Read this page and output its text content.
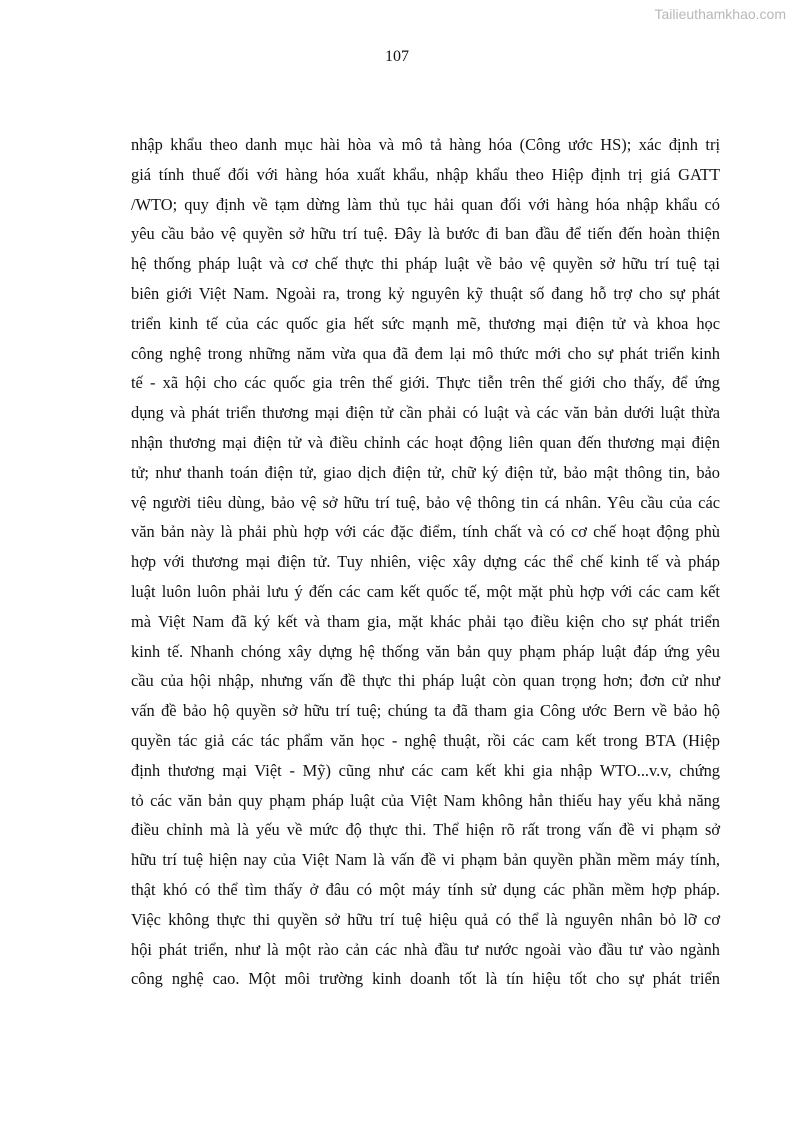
Tailieuthamkhao.com
107
nhập khẩu theo danh mục hài hòa và mô tả hàng hóa (Công ước HS); xác định trị
giá tính thuế đối với hàng hóa xuất khẩu, nhập khẩu theo Hiệp định trị giá GATT
/WTO; quy định về tạm dừng làm thủ tục hải quan đối với hàng hóa nhập khẩu có
yêu cầu bảo vệ quyền sở hữu trí tuệ. Đây là bước đi ban đầu để tiến đến hoàn thiện
hệ thống pháp luật và cơ chế thực thi pháp luật về bảo vệ quyền sở hữu trí tuệ tại
biên giới Việt Nam. Ngoài ra, trong kỷ nguyên kỹ thuật số đang hỗ trợ cho sự phát
triển kinh tế của các quốc gia hết sức mạnh mẽ, thương mại điện tử và khoa học
công nghệ trong những năm vừa qua đã đem lại mô thức mới cho sự phát triển kinh
tế - xã hội cho các quốc gia trên thế giới. Thực tiễn trên thế giới cho thấy, để ứng
dụng và phát triển thương mại điện tử cần phải có luật và các văn bản dưới luật thừa
nhận thương mại điện tử và điều chỉnh các hoạt động liên quan đến thương mại điện
tử; như thanh toán điện tử, giao dịch điện tử, chữ ký điện tử, bảo mật thông tin, bảo
vệ người tiêu dùng, bảo vệ sở hữu trí tuệ, bảo vệ thông tin cá nhân. Yêu cầu của các
văn bản này là phải phù hợp với các đặc điểm, tính chất và có cơ chế hoạt động phù
hợp với thương mại điện tử. Tuy nhiên, việc xây dựng các thể chế kinh tế và pháp
luật luôn luôn phải lưu ý đến các cam kết quốc tế, một mặt phù hợp với các cam kết
mà Việt Nam đã ký kết và tham gia, mặt khác phải tạo điều kiện cho sự phát triển
kinh tế. Nhanh chóng xây dựng hệ thống văn bản quy phạm pháp luật đáp ứng yêu
cầu của hội nhập, nhưng vấn đề thực thi pháp luật còn quan trọng hơn; đơn cử như
vấn đề bảo hộ quyền sở hữu trí tuệ; chúng ta đã tham gia Công ước Bern về bảo hộ
quyền tác giả các tác phẩm văn học - nghệ thuật, rồi các cam kết trong BTA (Hiệp
định thương mại Việt - Mỹ) cũng như các cam kết khi gia nhập WTO...v.v, chứng
tỏ các văn bản quy phạm pháp luật của Việt Nam không hẳn thiếu hay yếu khả năng
điều chỉnh mà là yếu về mức độ thực thi. Thể hiện rõ rất trong vấn đề vi phạm sở
hữu trí tuệ hiện nay của Việt Nam là vấn đề vi phạm bản quyền phần mềm máy tính,
thật khó có thể tìm thấy ở đâu có một máy tính sử dụng các phần mềm hợp pháp.
Việc không thực thi quyền sở hữu trí tuệ hiệu quả có thể là nguyên nhân bỏ lỡ cơ
hội phát triển, như là một rào cản các nhà đầu tư nước ngoài vào đầu tư vào ngành
công nghệ cao. Một môi trường kinh doanh tốt là tín hiệu tốt cho sự phát triển
